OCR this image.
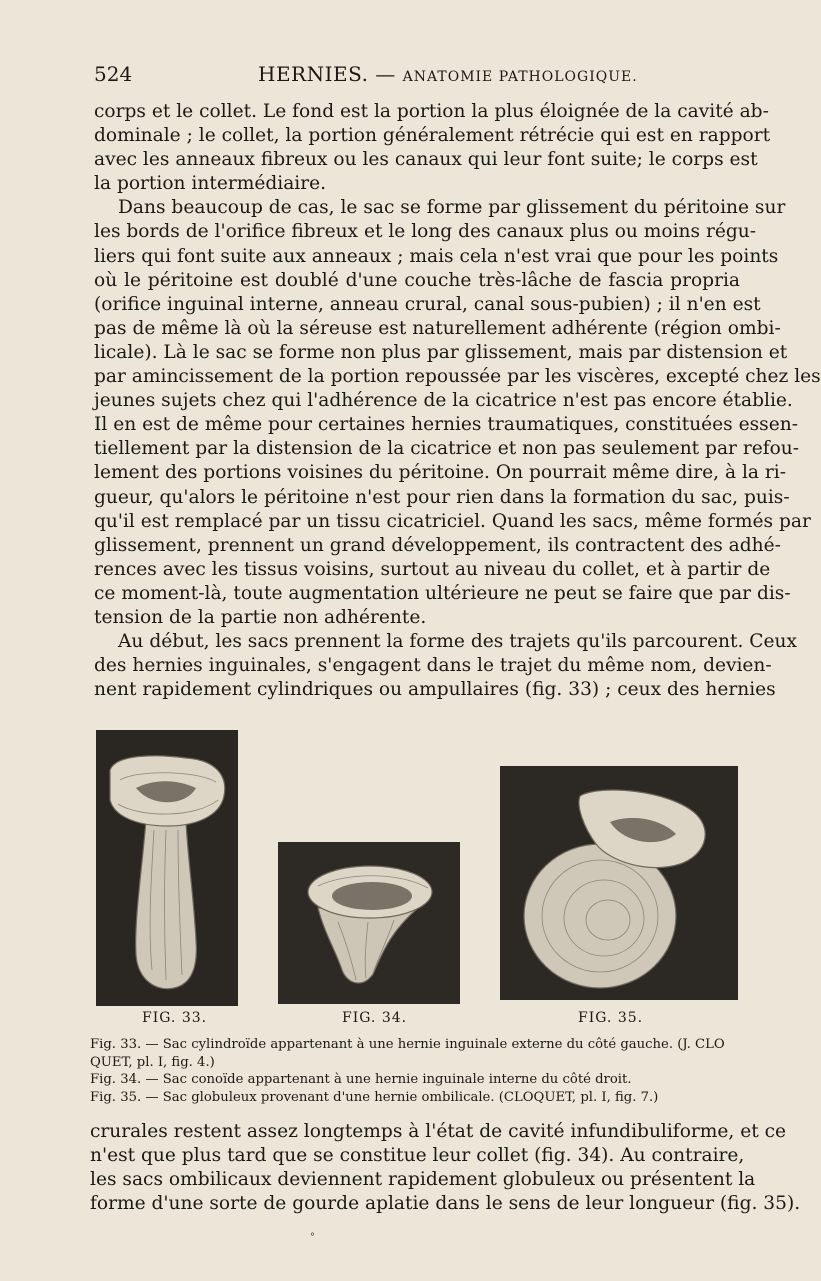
524	HERNIES. — ANATOMIE PATHOLOGIQUE.
corps et le collet. Le fond est la portion la plus éloignée de la cavité ab-
dominale ; le collet, la portion généralement rétrécie qui est en rapport
avec les anneaux fibreux ou les canaux qui leur font suite; le corps est
la portion intermédiaire.
Dans beaucoup de cas, le sac se forme par glissement du péritoine sur
les bords de l'orifice fibreux et le long des canaux plus ou moins régu-
liers qui font suite aux anneaux ; mais cela n'est vrai que pour les points
où le péritoine est doublé d'une couche très-lâche de fascia propria
(orifice inguinal interne, anneau crural, canal sous-pubien) ; il n'en est
pas de même là où la séreuse est naturellement adhérente (région ombi-
licale). Là le sac se forme non plus par glissement, mais par distension et
par amincissement de la portion repoussée par les viscères, excepté chez les
jeunes sujets chez qui l'adhérence de la cicatrice n'est pas encore établie.
Il en est de même pour certaines hernies traumatiques, constituées essen-
tiellement par la distension de la cicatrice et non pas seulement par refou-
lement des portions voisines du péritoine. On pourrait même dire, à la ri-
gueur, qu'alors le péritoine n'est pour rien dans la formation du sac, puis-
qu'il est remplacé par un tissu cicatriciel. Quand les sacs, même formés par
glissement, prennent un grand développement, ils contractent des adhé-
rences avec les tissus voisins, surtout au niveau du collet, et à partir de
ce moment-là, toute augmentation ultérieure ne peut se faire que par dis-
tension de la partie non adhérente.
Au début, les sacs prennent la forme des trajets qu'ils parcourent. Ceux
des hernies inguinales, s'engagent dans le trajet du même nom, devien-
nent rapidement cylindriques ou ampullaires (fig. 33) ; ceux des hernies
FIG. 33.	FIG. 34.	FIG. 35.
Fig. 33. — Sac cylindroïde appartenant à une hernie inguinale externe du côté gauche. (J. CLO
QUET, pl. I, fig. 4.)
Fig. 34. — Sac conoïde appartenant à une hernie inguinale interne du côté droit.
Fig. 35. — Sac globuleux provenant d'une hernie ombilicale. (CLOQUET, pl. I, fig. 7.)
crurales restent assez longtemps à l'état de cavité infundibuliforme, et ce
n'est que plus tard que se constitue leur collet (fig. 34). Au contraire,
les sacs ombilicaux deviennent rapidement globuleux ou présentent la
forme d'une sorte de gourde aplatie dans le sens de leur longueur (fig. 35).
°
